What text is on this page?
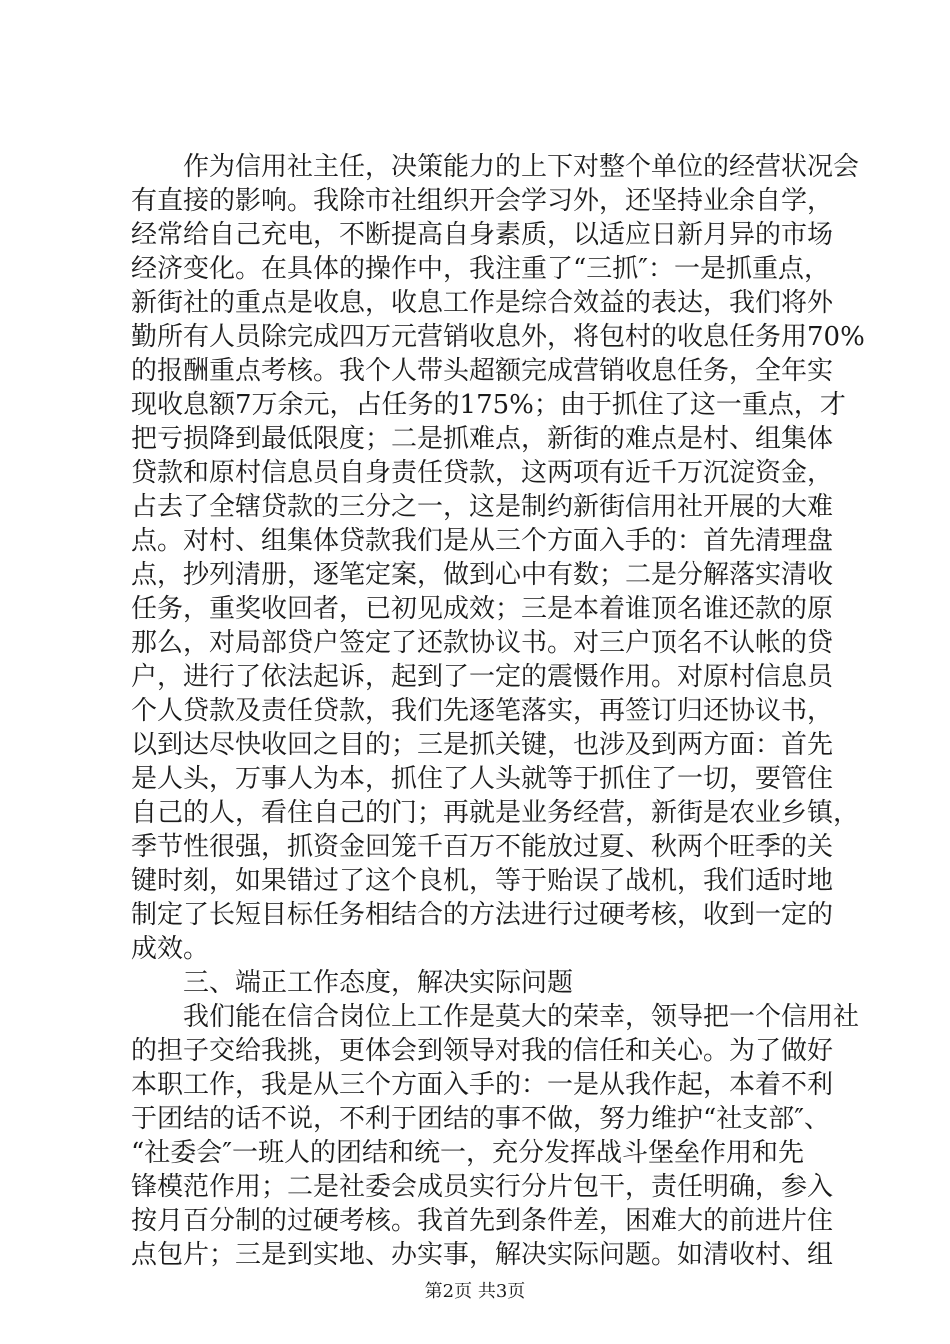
　　作为信用社主任，决策能力的上下对整个单位的经营状况会
有直接的影响。我除市社组织开会学习外，还坚持业余自学，
经常给自己充电，不断提高自身素质，以适应日新月异的市场
经济变化。在具体的操作中，我注重了“三抓″：一是抓重点，
新街社的重点是收息，收息工作是综合效益的表达，我们将外
勤所有人员除完成四万元营销收息外，将包村的收息任务用70%
的报酬重点考核。我个人带头超额完成营销收息任务，全年实
现收息额7万余元，占任务的175%；由于抓住了这一重点，才
把亏损降到最低限度；二是抓难点，新街的难点是村、组集体
贷款和原村信息员自身责任贷款，这两项有近千万沉淀资金，
占去了全辖贷款的三分之一，这是制约新街信用社开展的大难
点。对村、组集体贷款我们是从三个方面入手的：首先清理盘
点，抄列清册，逐笔定案，做到心中有数；二是分解落实清收
任务，重奖收回者，已初见成效；三是本着谁顶名谁还款的原
那么，对局部贷户签定了还款协议书。对三户顶名不认帐的贷
户，进行了依法起诉，起到了一定的震慑作用。对原村信息员
个人贷款及责任贷款，我们先逐笔落实，再签订归还协议书，
以到达尽快收回之目的；三是抓关键，也涉及到两方面：首先
是人头，万事人为本，抓住了人头就等于抓住了一切，要管住
自己的人，看住自己的门；再就是业务经营，新街是农业乡镇，
季节性很强，抓资金回笼千百万不能放过夏、秋两个旺季的关
键时刻，如果错过了这个良机，等于贻误了战机，我们适时地
制定了长短目标任务相结合的方法进行过硬考核，收到一定的
成效。
　　三、端正工作态度，解决实际问题
　　我们能在信合岗位上工作是莫大的荣幸，领导把一个信用社
的担子交给我挑，更体会到领导对我的信任和关心。为了做好
本职工作，我是从三个方面入手的：一是从我作起，本着不利
于团结的话不说，不利于团结的事不做，努力维护“社支部″、
“社委会″一班人的团结和统一，充分发挥战斗堡垒作用和先
锋模范作用；二是社委会成员实行分片包干，责任明确，参入
按月百分制的过硬考核。我首先到条件差，困难大的前进片住
点包片；三是到实地、办实事，解决实际问题。如清收村、组
第2页 共3页
